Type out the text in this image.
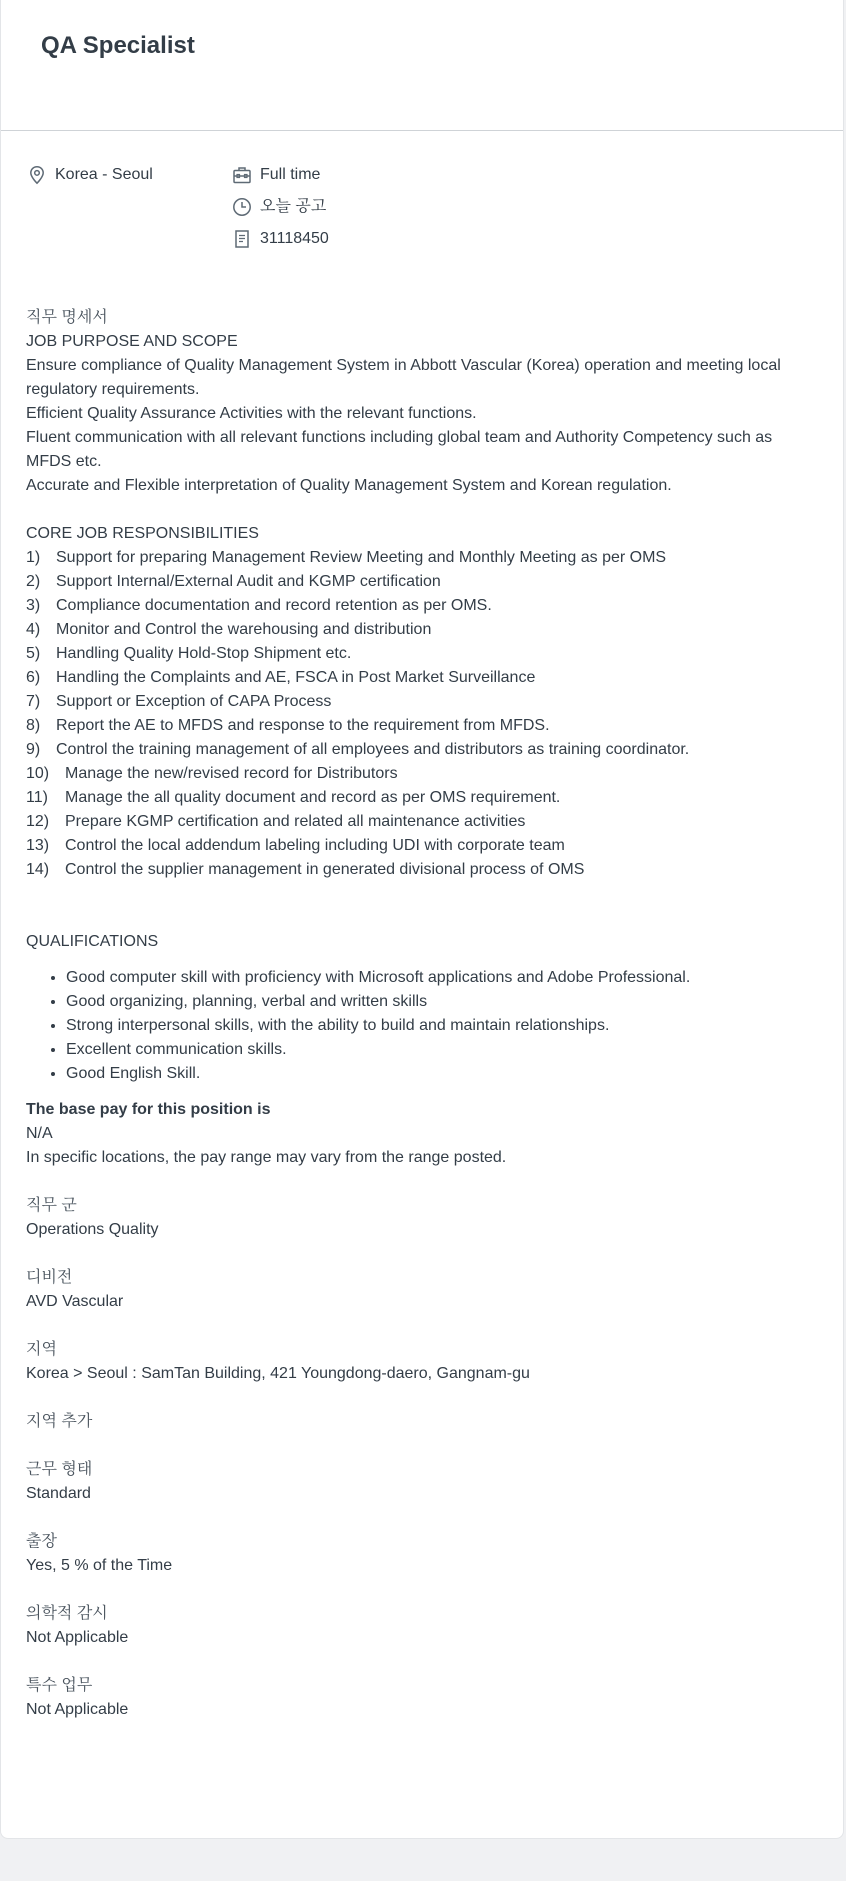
QA Specialist
Korea - Seoul	Full time
오늘 공고
31118450

직무 명세서

JOB PURPOSE AND SCOPE

Ensure compliance of Quality Management System in Abbott Vascular (Korea) operation and meeting local regulatory requirements.

Efficient Quality Assurance Activities with the relevant functions.

Fluent communication with all relevant functions including global team and Authority Competency such as MFDS etc.

Accurate and Flexible interpretation of Quality Management System and Korean regulation.

CORE JOB RESPONSIBILITIES

1) Support for preparing Management Review Meeting and Monthly Meeting as per OMS
2) Support Internal/External Audit and KGMP certification
3) Compliance documentation and record retention as per OMS.
4) Monitor and Control the warehousing and distribution
5) Handling Quality Hold-Stop Shipment etc.
6) Handling the Complaints and AE, FSCA in Post Market Surveillance
7) Support or Exception of CAPA Process
8) Report the AE to MFDS and response to the requirement from MFDS.
9) Control the training management of all employees and distributors as training coordinator.
10) Manage the new/revised record for Distributors
11)	Manage the all quality document and record as per OMS requirement.
12) Prepare KGMP certification and related all maintenance activities
13) Control the local addendum labeling including UDI with corporate team
14) Control the supplier management in generated divisional process of OMS

QUALIFICATIONS

• Good computer skill with proficiency with Microsoft applications and Adobe Professional.
• Good organizing, planning, verbal and written skills
• Strong interpersonal skills, with the ability to build and maintain relationships.
• Excellent communication skills.
• Good English Skill.

The base pay for this position is

N/A

In specific locations, the pay range may vary from the range posted.

직무 군

Operations Quality

디비전

AVD Vascular

지역

Korea > Seoul : SamTan Building, 421 Youngdong-daero, Gangnam-gu

지역 추가

근무 형태

Standard

출장

Yes, 5 % of the Time

의학적 감시

Not Applicable

특수 업무

Not Applicable
